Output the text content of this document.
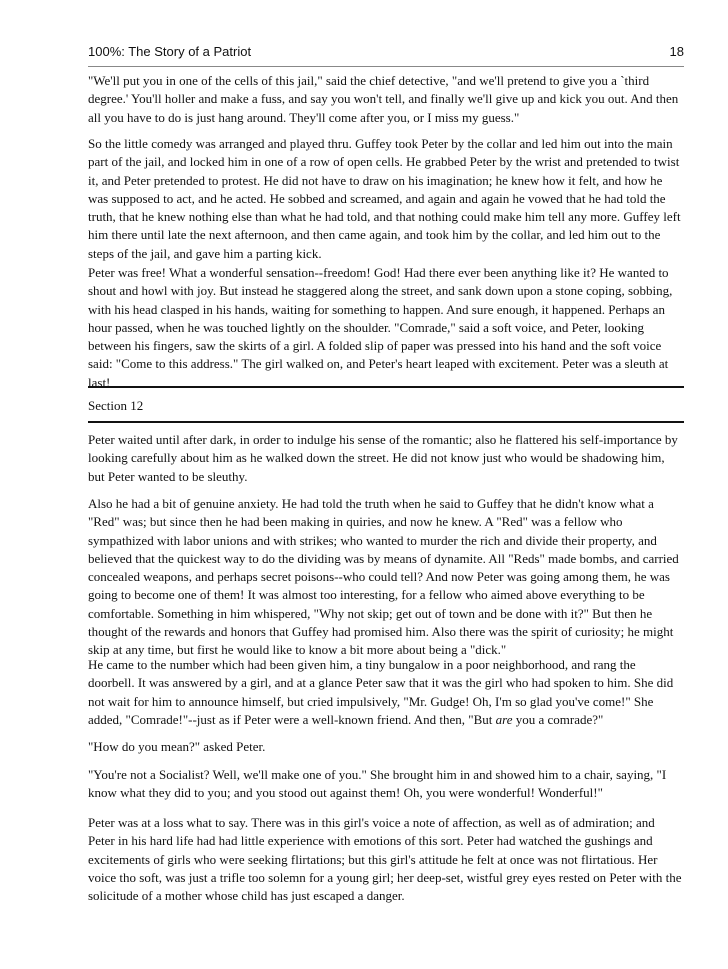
100%: The Story of a Patriot	18

"We'll put you in one of the cells of this jail," said the chief detective, "and we'll pretend to give you a `third degree.' You'll holler and make a fuss, and say you won't tell, and finally we'll give up and kick you out. And then all you have to do is just hang around. They'll come after you, or I miss my guess."

So the little comedy was arranged and played thru. Guffey took Peter by the collar and led him out into the main part of the jail, and locked him in one of a row of open cells. He grabbed Peter by the wrist and pretended to twist it, and Peter pretended to protest. He did not have to draw on his imagination; he knew how it felt, and how he was supposed to act, and he acted. He sobbed and screamed, and again and again he vowed that he had told the truth, that he knew nothing else than what he had told, and that nothing could make him tell any more. Guffey left him there until late the next afternoon, and then came again, and took him by the collar, and led him out to the steps of the jail, and gave him a parting kick.

Peter was free! What a wonderful sensation--freedom! God! Had there ever been anything like it? He wanted to shout and howl with joy. But instead he staggered along the street, and sank down upon a stone coping, sobbing, with his head clasped in his hands, waiting for something to happen. And sure enough, it happened. Perhaps an hour passed, when he was touched lightly on the shoulder. "Comrade," said a soft voice, and Peter, looking between his fingers, saw the skirts of a girl. A folded slip of paper was pressed into his hand and the soft voice said: "Come to this address." The girl walked on, and Peter's heart leaped with excitement. Peter was a sleuth at last!

Section 12

Peter waited until after dark, in order to indulge his sense of the romantic; also he flattered his self-importance by looking carefully about him as he walked down the street. He did not know just who would be shadowing him, but Peter wanted to be sleuthy.

Also he had a bit of genuine anxiety. He had told the truth when he said to Guffey that he didn't know what a "Red" was; but since then he had been making in quiries, and now he knew. A "Red" was a fellow who sympathized with labor unions and with strikes; who wanted to murder the rich and divide their property, and believed that the quickest way to do the dividing was by means of dynamite. All "Reds" made bombs, and carried concealed weapons, and perhaps secret poisons--who could tell? And now Peter was going among them, he was going to become one of them! It was almost too interesting, for a fellow who aimed above everything to be comfortable. Something in him whispered, "Why not skip; get out of town and be done with it?" But then he thought of the rewards and honors that Guffey had promised him. Also there was the spirit of curiosity; he might skip at any time, but first he would like to know a bit more about being a "dick."

He came to the number which had been given him, a tiny bungalow in a poor neighborhood, and rang the doorbell. It was answered by a girl, and at a glance Peter saw that it was the girl who had spoken to him. She did not wait for him to announce himself, but cried impulsively, "Mr. Gudge! Oh, I'm so glad you've come!" She added, "Comrade!"--just as if Peter were a well-known friend. And then, "But are you a comrade?"

"How do you mean?" asked Peter.

"You're not a Socialist? Well, we'll make one of you." She brought him in and showed him to a chair, saying, "I know what they did to you; and you stood out against them! Oh, you were wonderful! Wonderful!"

Peter was at a loss what to say. There was in this girl's voice a note of affection, as well as of admiration; and Peter in his hard life had had little experience with emotions of this sort. Peter had watched the gushings and excitements of girls who were seeking flirtations; but this girl's attitude he felt at once was not flirtatious. Her voice tho soft, was just a trifle too solemn for a young girl; her deep-set, wistful grey eyes rested on Peter with the solicitude of a mother whose child has just escaped a danger.
